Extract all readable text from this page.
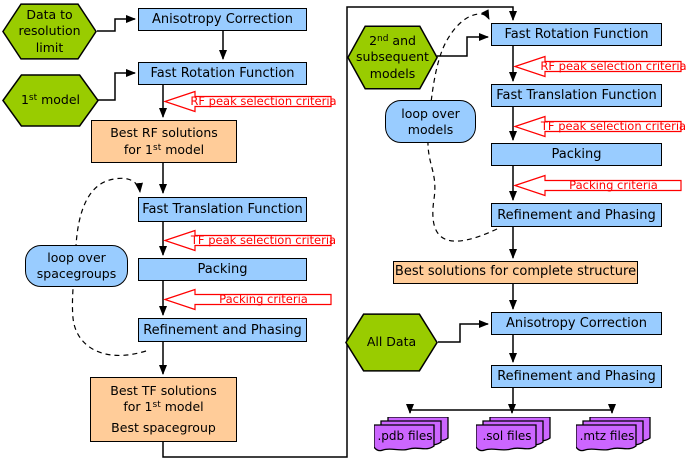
Data to
resolution
limit
Anisotropy Correction
Fast Rotation Function
RF peak selection criteria
1st model
Best RF solutions
for 1st model
Fast Translation Function
TF peak selection criteria
loop over
spacegroups	Packing
Packing criteria
Refinement and Phasing
Best TF solutions
for 1st model
Best spacegroup
2nd and
subsequent
models
Fast Rotation Function
RF peak selection criteria
Fast Translation Function
TF peak selection criteria
loop over
models
Packing
Packing criteria
Refinement and Phasing
Best solutions for complete structure
All Data
Anisotropy Correction
Refinement and Phasing
.pdb files	.sol files	.mtz files
